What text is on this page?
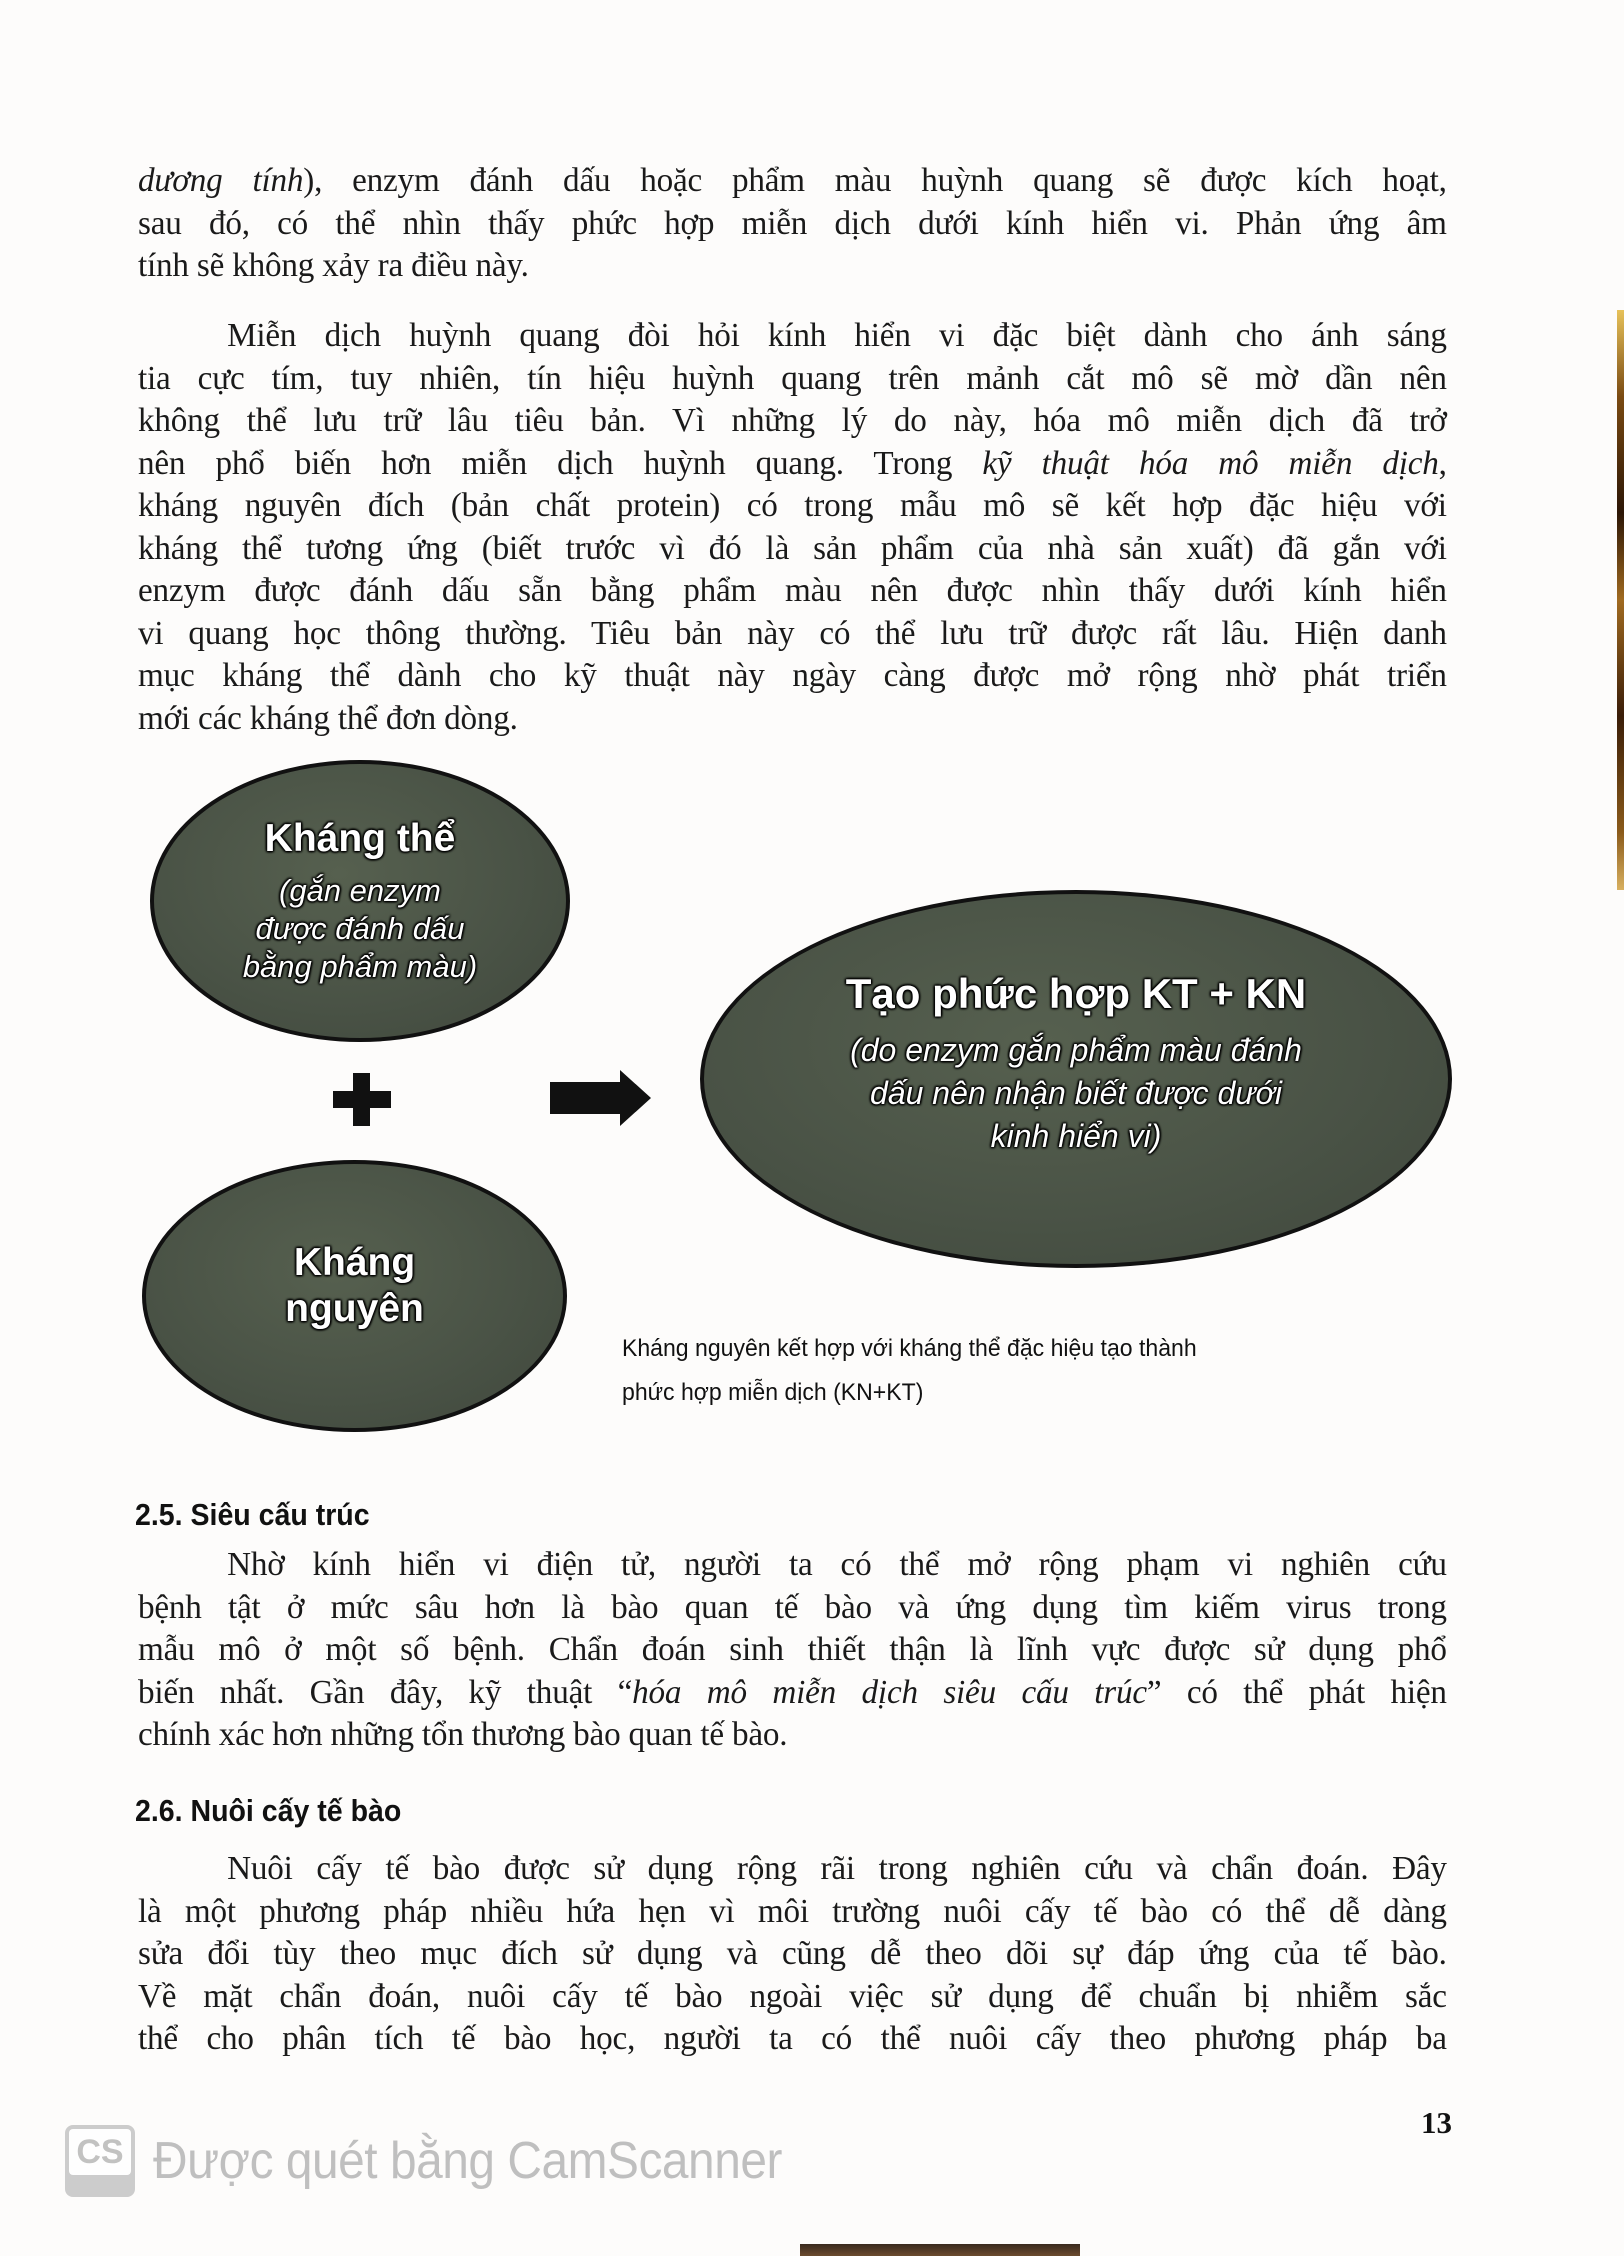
dương tính), enzym đánh dấu hoặc phẩm màu huỳnh quang sẽ được kích hoạt,
sau đó, có thể nhìn thấy phức hợp miễn dịch dưới kính hiển vi. Phản ứng âm
tính sẽ không xảy ra điều này.
Miễn dịch huỳnh quang đòi hỏi kính hiển vi đặc biệt dành cho ánh sáng
tia cực tím, tuy nhiên, tín hiệu huỳnh quang trên mảnh cắt mô sẽ mờ dần nên
không thể lưu trữ lâu tiêu bản. Vì những lý do này, hóa mô miễn dịch đã trở
nên phổ biến hơn miễn dịch huỳnh quang. Trong kỹ thuật hóa mô miễn dịch,
kháng nguyên đích (bản chất protein) có trong mẫu mô sẽ kết hợp đặc hiệu với
kháng thể tương ứng (biết trước vì đó là sản phẩm của nhà sản xuất) đã gắn với
enzym được đánh dấu sẵn bằng phẩm màu nên được nhìn thấy dưới kính hiển
vi quang học thông thường. Tiêu bản này có thể lưu trữ được rất lâu. Hiện danh
mục kháng thể dành cho kỹ thuật này ngày càng được mở rộng nhờ phát triển
mới các kháng thể đơn dòng.
Kháng thể
(gắn enzym
được đánh dấu
bằng phẩm màu)
Kháng
nguyên
Tạo phức hợp KT + KN
(do enzym gắn phẩm màu đánh
dấu nên nhận biết được dưới
kinh hiển vi)
Kháng nguyên kết hợp với kháng thể đặc hiệu tạo thành
phức hợp miễn dịch (KN+KT)
2.5. Siêu cấu trúc
Nhờ kính hiển vi điện tử, người ta có thể mở rộng phạm vi nghiên cứu
bệnh tật ở mức sâu hơn là bào quan tế bào và ứng dụng tìm kiếm virus trong
mẫu mô ở một số bệnh. Chẩn đoán sinh thiết thận là lĩnh vực được sử dụng phổ
biến nhất. Gần đây, kỹ thuật “hóa mô miễn dịch siêu cấu trúc” có thể phát hiện
chính xác hơn những tổn thương bào quan tế bào.
2.6. Nuôi cấy tế bào
Nuôi cấy tế bào được sử dụng rộng rãi trong nghiên cứu và chẩn đoán. Đây
là một phương pháp nhiều hứa hẹn vì môi trường nuôi cấy tế bào có thể dễ dàng
sửa đổi tùy theo mục đích sử dụng và cũng dễ theo dõi sự đáp ứng của tế bào.
Về mặt chẩn đoán, nuôi cấy tế bào ngoài việc sử dụng để chuẩn bị nhiễm sắc
thể cho phân tích tế bào học, người ta có thể nuôi cấy theo phương pháp ba
13
CS Được quét bằng CamScanner
